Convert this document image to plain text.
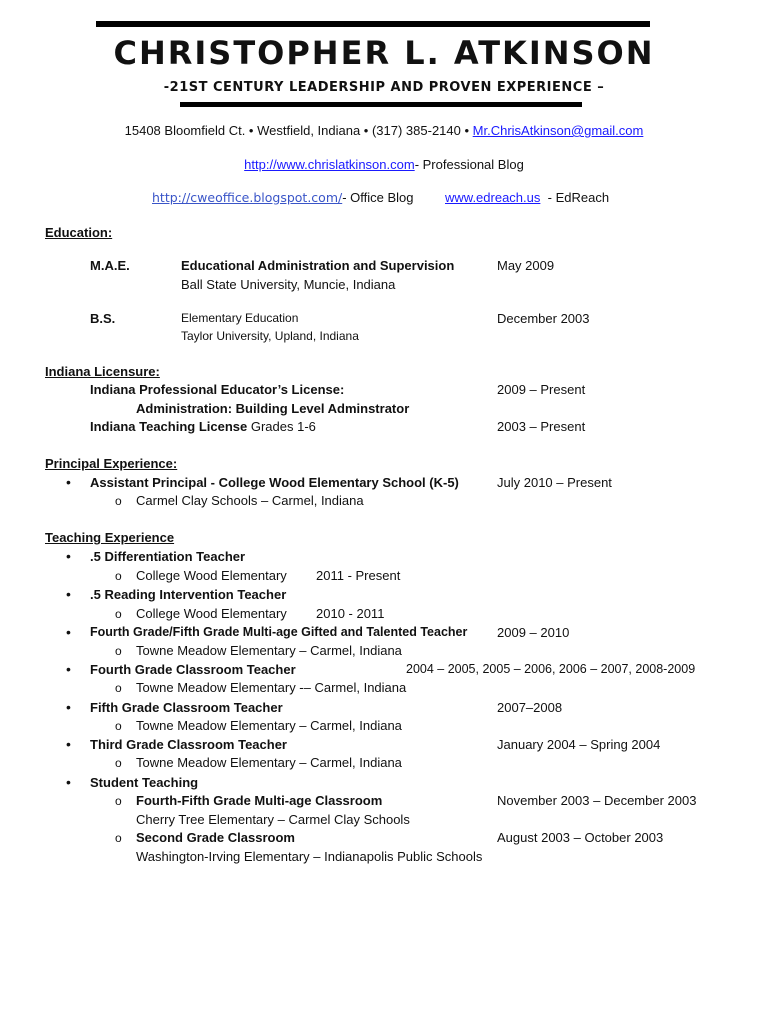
CHRISTOPHER L. ATKINSON
-21ST CENTURY LEADERSHIP AND PROVEN EXPERIENCE –
15408 Bloomfield Ct. • Westfield, Indiana • (317) 385-2140 • Mr.ChrisAtkinson@gmail.com
http://www.chrislatkinson.com- Professional Blog
http://cweoffice.blogspot.com/- Office Blog www.edreach.us - EdReach
Education:
M.A.E.	Educational Administration and Supervision	May 2009
Ball State University, Muncie, Indiana
B.S.	Elementary Education	December 2003
Taylor University, Upland, Indiana
Indiana Licensure:
Indiana Professional Educator’s License:	2009 – Present
Administration: Building Level Adminstrator
Indiana Teaching License Grades 1-6	2003 – Present
Principal Experience:
• Assistant Principal - College Wood Elementary School (K-5)	July 2010 – Present
o Carmel Clay Schools – Carmel, Indiana
Teaching Experience
• .5 Differentiation Teacher
o College Wood Elementary 2011 - Present
• .5 Reading Intervention Teacher
o College Wood Elementary 2010 - 2011
• Fourth Grade/Fifth Grade Multi-age Gifted and Talented Teacher 2009 – 2010
o Towne Meadow Elementary – Carmel, Indiana
• Fourth Grade Classroom Teacher	2004 – 2005, 2005 – 2006, 2006 – 2007, 2008-2009
o Towne Meadow Elementary -– Carmel, Indiana
• Fifth Grade Classroom Teacher	2007–2008
o Towne Meadow Elementary – Carmel, Indiana
• Third Grade Classroom Teacher	January 2004 – Spring 2004
o Towne Meadow Elementary – Carmel, Indiana
• Student Teaching
o Fourth-Fifth Grade Multi-age Classroom	November 2003 – December 2003
Cherry Tree Elementary – Carmel Clay Schools
o Second Grade Classroom	August 2003 – October 2003
Washington-Irving Elementary – Indianapolis Public Schools
